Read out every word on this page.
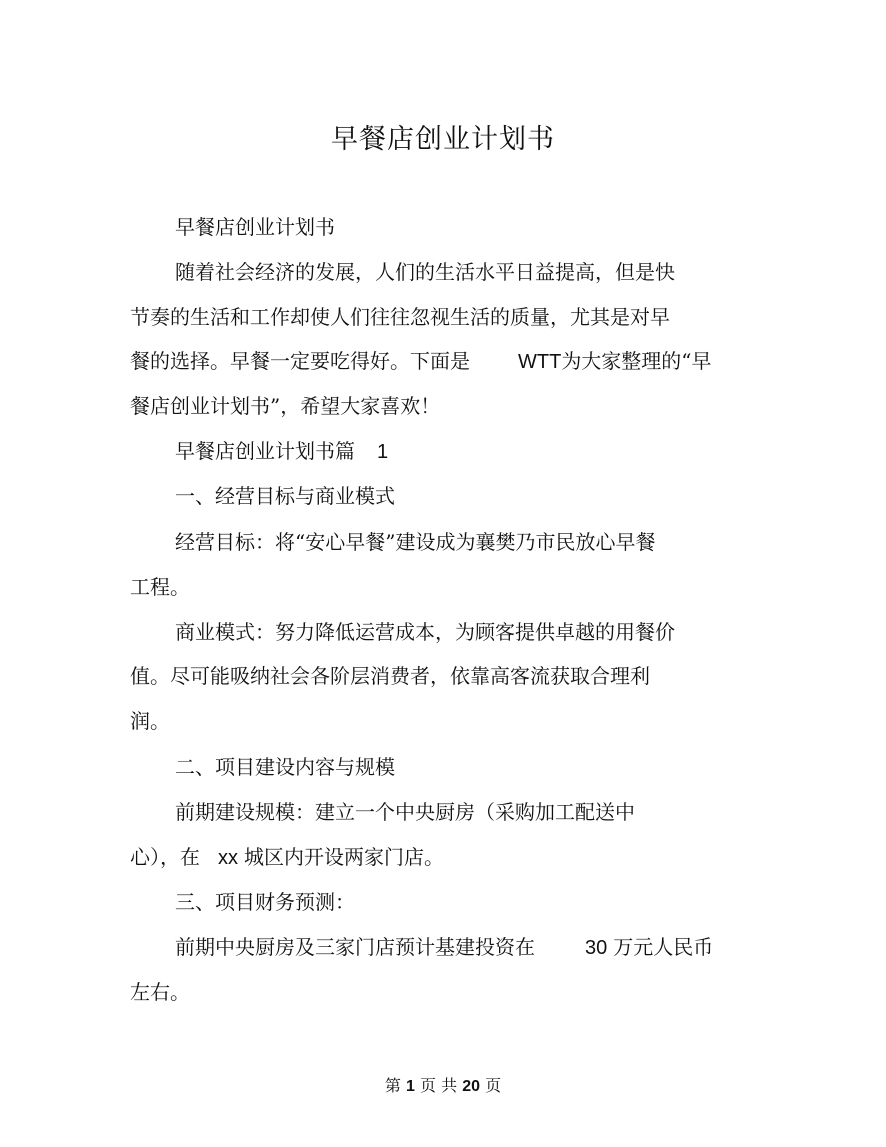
早餐店创业计划书
早餐店创业计划书
随着社会经济的发展，人们的生活水平日益提高，但是快
节奏的生活和工作却使人们往往忽视生活的质量，尤其是对早
餐的选择。早餐一定要吃得好。下面是 WTT为大家整理的“早
餐店创业计划书”，希望大家喜欢！
早餐店创业计划书篇 1
一、经营目标与商业模式
经营目标：将“安心早餐”建设成为襄樊乃市民放心早餐
工程。
商业模式：努力降低运营成本，为顾客提供卓越的用餐价
值。尽可能吸纳社会各阶层消费者，依靠高客流获取合理利
润。
二、项目建设内容与规模
前期建设规模：建立一个中央厨房（采购加工配送中
心），在 xx 城区内开设两家门店。
三、项目财务预测：
前期中央厨房及三家门店预计基建投资在	30 万元人民币
左右。
第 1 页 共 20 页
